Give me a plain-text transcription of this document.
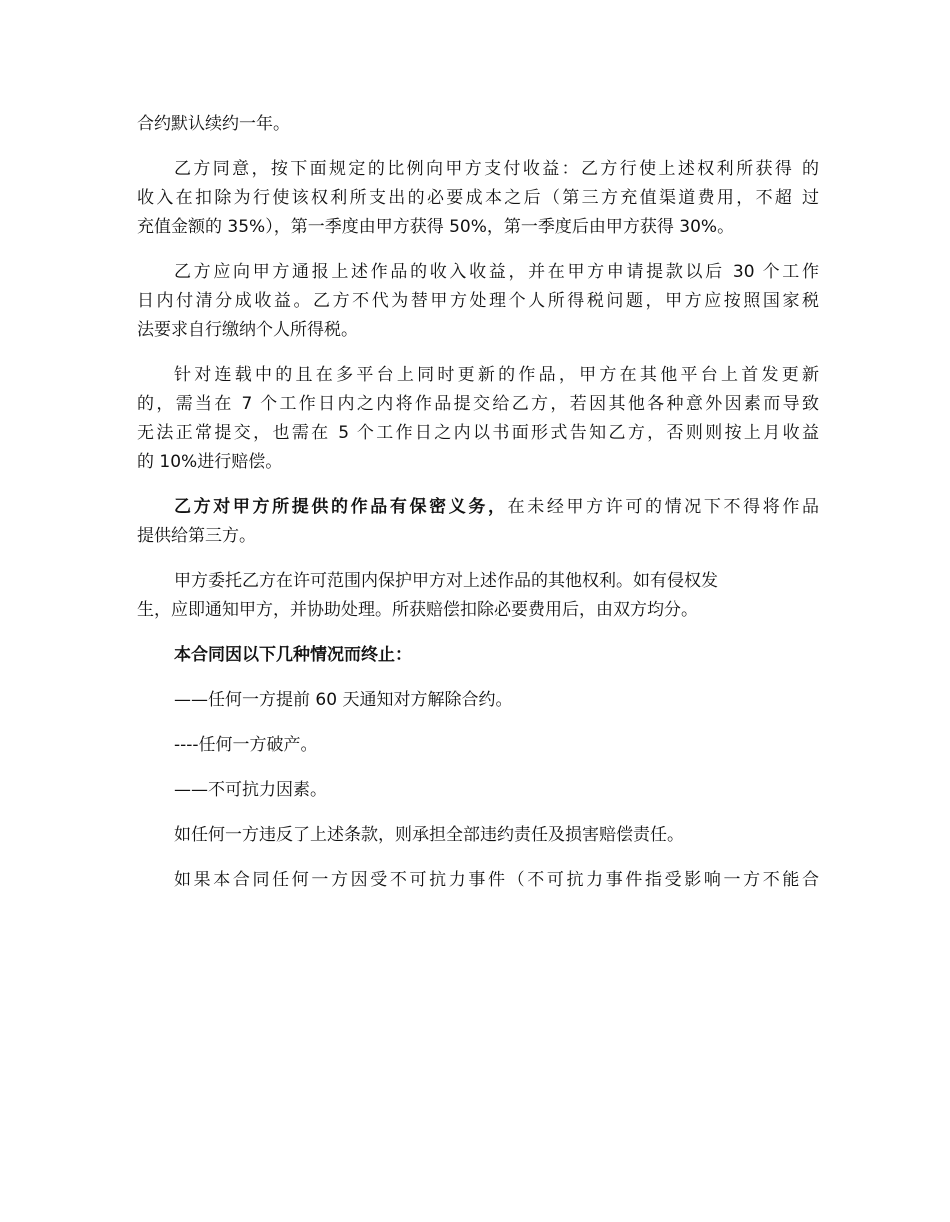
合约默认续约一年。
乙方同意，按下面规定的比例向甲方支付收益：乙方行使上述权利所获得 的
收入在扣除为行使该权利所支出的必要成本之后（第三方充值渠道费用，不超 过
充值金额的 35%），第一季度由甲方获得 50%，第一季度后由甲方获得 30%。
乙方应向甲方通报上述作品的收入收益，并在甲方申请提款以后 30 个工作
日内付清分成收益。乙方不代为替甲方处理个人所得税问题，甲方应按照国家税
法要求自行缴纳个人所得税。
针对连载中的且在多平台上同时更新的作品，甲方在其他平台上首发更新
的，需当在 7 个工作日内之内将作品提交给乙方，若因其他各种意外因素而导致
无法正常提交，也需在 5 个工作日之内以书面形式告知乙方，否则则按上月收益
的 10%进行赔偿。
乙方对甲方所提供的作品有保密义务，在未经甲方许可的情况下不得将作品
提供给第三方。
甲方委托乙方在许可范围内保护甲方对上述作品的其他权利。如有侵权发
生，应即通知甲方，并协助处理。所获赔偿扣除必要费用后，由双方均分。
本合同因以下几种情况而终止：
——任何一方提前 60 天通知对方解除合约。
----任何一方破产。
——不可抗力因素。
如任何一方违反了上述条款，则承担全部违约责任及损害赔偿责任。
如果本合同任何一方因受不可抗力事件（不可抗力事件指受影响一方不能合
